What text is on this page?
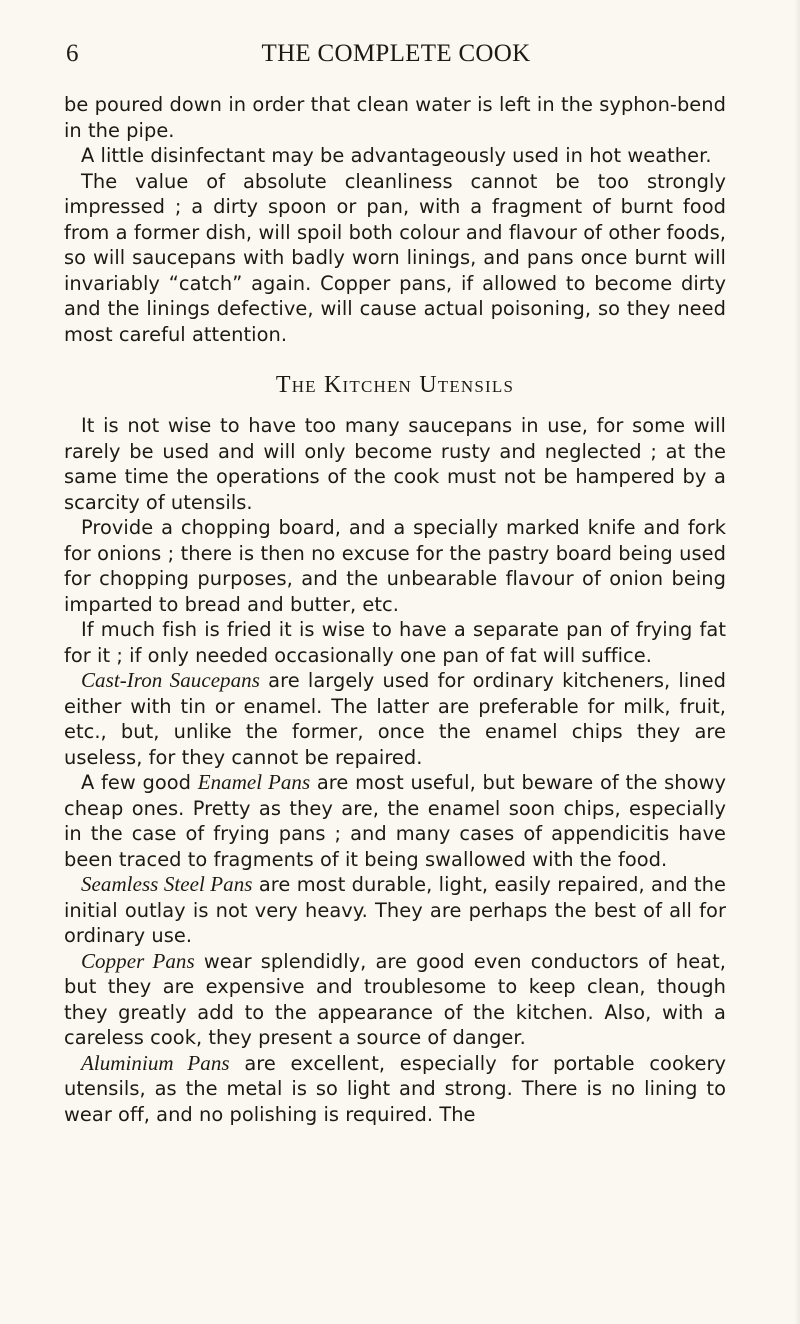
6	THE COMPLETE COOK

be poured down in order that clean water is left in the syphon-bend in the pipe.

A little disinfectant may be advantageously used in hot weather.

The value of absolute cleanliness cannot be too strongly impressed ; a dirty spoon or pan, with a fragment of burnt food from a former dish, will spoil both colour and flavour of other foods, so will saucepans with badly worn linings, and pans once burnt will invariably “catch” again. Copper pans, if allowed to become dirty and the linings defective, will cause actual poisoning, so they need most careful attention.

The Kitchen Utensils

It is not wise to have too many saucepans in use, for some will rarely be used and will only become rusty and neglected ; at the same time the operations of the cook must not be hampered by a scarcity of utensils.

Provide a chopping board, and a specially marked knife and fork for onions ; there is then no excuse for the pastry board being used for chopping purposes, and the unbearable flavour of onion being imparted to bread and butter, etc.

If much fish is fried it is wise to have a separate pan of frying fat for it ; if only needed occasionally one pan of fat will suffice.

Cast-Iron Saucepans are largely used for ordinary kitcheners, lined either with tin or enamel. The latter are preferable for milk, fruit, etc., but, unlike the former, once the enamel chips they are useless, for they cannot be repaired.

A few good Enamel Pans are most useful, but beware of the showy cheap ones. Pretty as they are, the enamel soon chips, especially in the case of frying pans ; and many cases of appendicitis have been traced to fragments of it being swallowed with the food.

Seamless Steel Pans are most durable, light, easily repaired, and the initial outlay is not very heavy. They are perhaps the best of all for ordinary use.

Copper Pans wear splendidly, are good even conductors of heat, but they are expensive and troublesome to keep clean, though they greatly add to the appearance of the kitchen. Also, with a careless cook, they present a source of danger.

Aluminium Pans are excellent, especially for portable cookery utensils, as the metal is so light and strong. There is no lining to wear off, and no polishing is required. The
